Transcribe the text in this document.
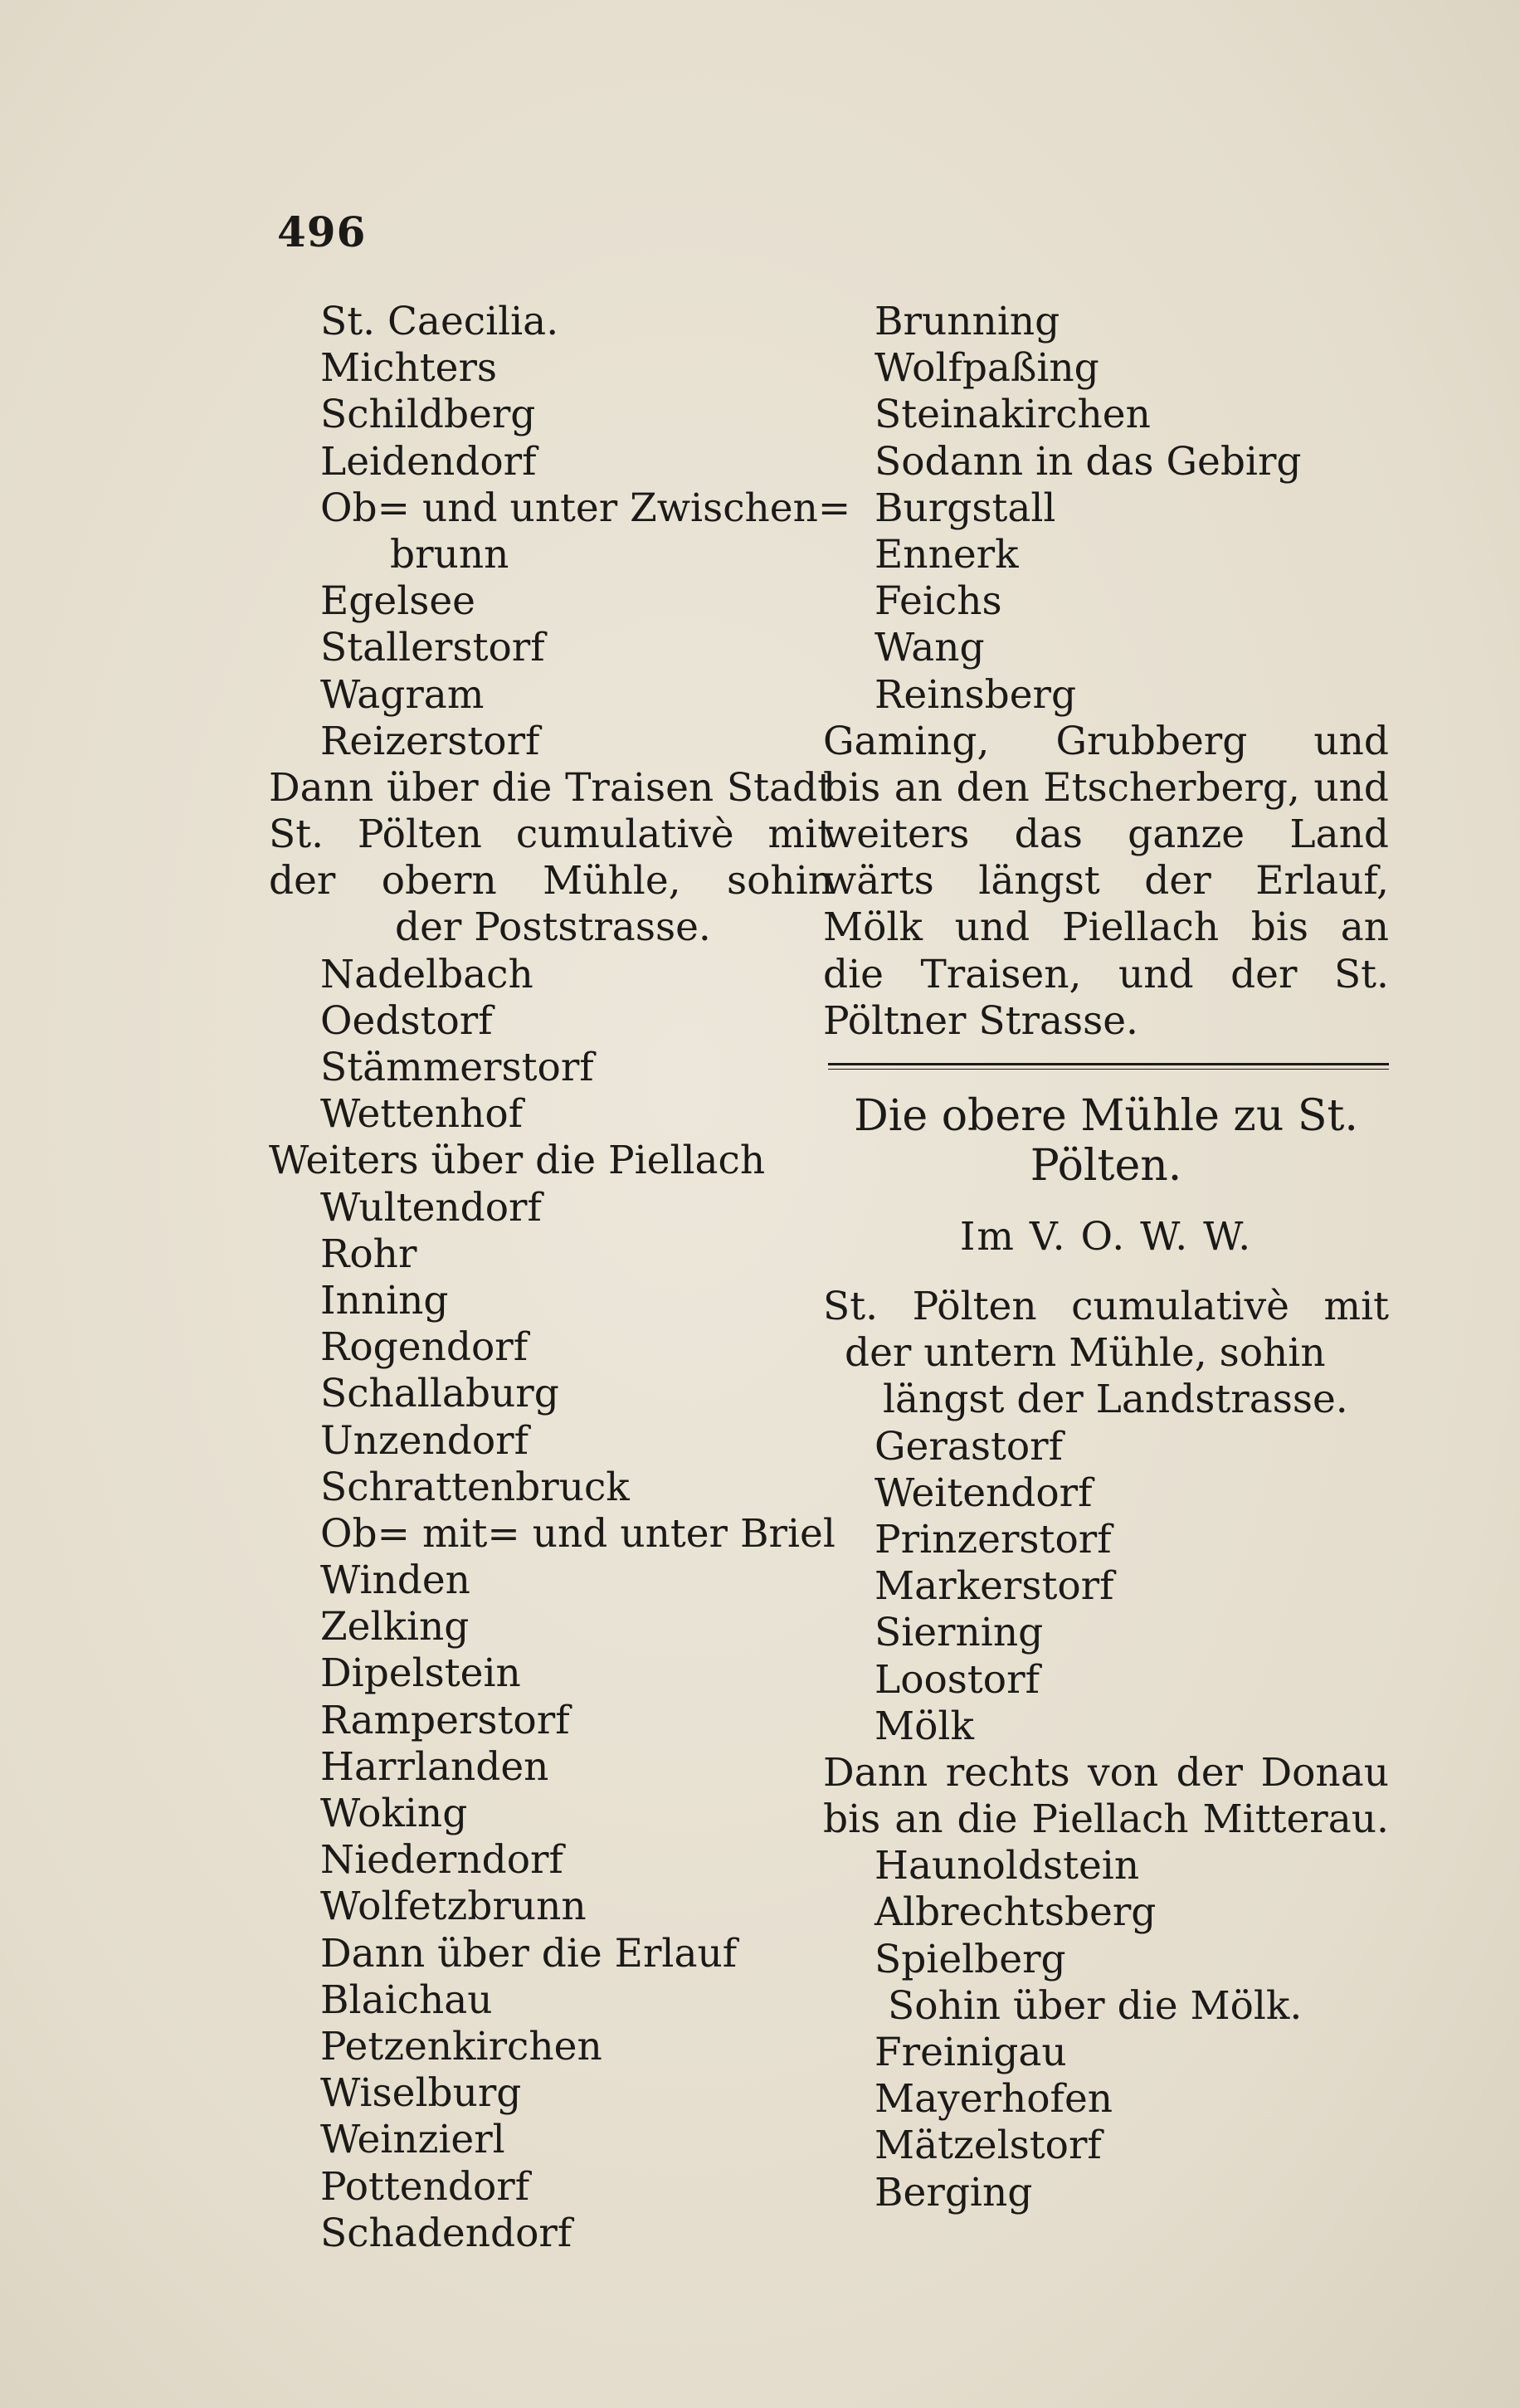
496
St. Caecilia.
Michters
Schildberg
Leidendorf
Ob= und unter Zwischen=
brunn
Egelsee
Stallerstorf
Wagram
Reizerstorf
Dann über die Traisen Stadt
St. Pölten cumulativè mit
der obern Mühle, sohin
der Poststrasse.
Nadelbach
Oedstorf
Stämmerstorf
Wettenhof
Weiters über die Piellach
Wultendorf
Rohr
Inning
Rogendorf
Schallaburg
Unzendorf
Schrattenbruck
Ob= mit= und unter Briel
Winden
Zelking
Dipelstein
Ramperstorf
Harrlanden
Woking
Niederndorf
Wolfetzbrunn
Dann über die Erlauf
Blaichau
Petzenkirchen
Wiselburg
Weinzierl
Pottendorf
Schadendorf
Brunning
Wolfpaßing
Steinakirchen
Sodann in das Gebirg
Burgstall
Ennerk
Feichs
Wang
Reinsberg
Gaming, Grubberg und
bis an den Etscherberg, und
weiters das ganze Land
wärts längst der Erlauf,
Mölk und Piellach bis an
die Traisen, und der St.
Pöltner Strasse.
Die obere Mühle zu St.
Pölten.
Im V. O. W. W.
St. Pölten cumulativè mit
der untern Mühle, sohin
längst der Landstrasse.
Gerastorf
Weitendorf
Prinzerstorf
Markerstorf
Sierning
Loostorf
Mölk
Dann rechts von der Donau
bis an die Piellach Mitterau.
Haunoldstein
Albrechtsberg
Spielberg
Sohin über die Mölk.
Freinigau
Mayerhofen
Mätzelstorf
Berging
